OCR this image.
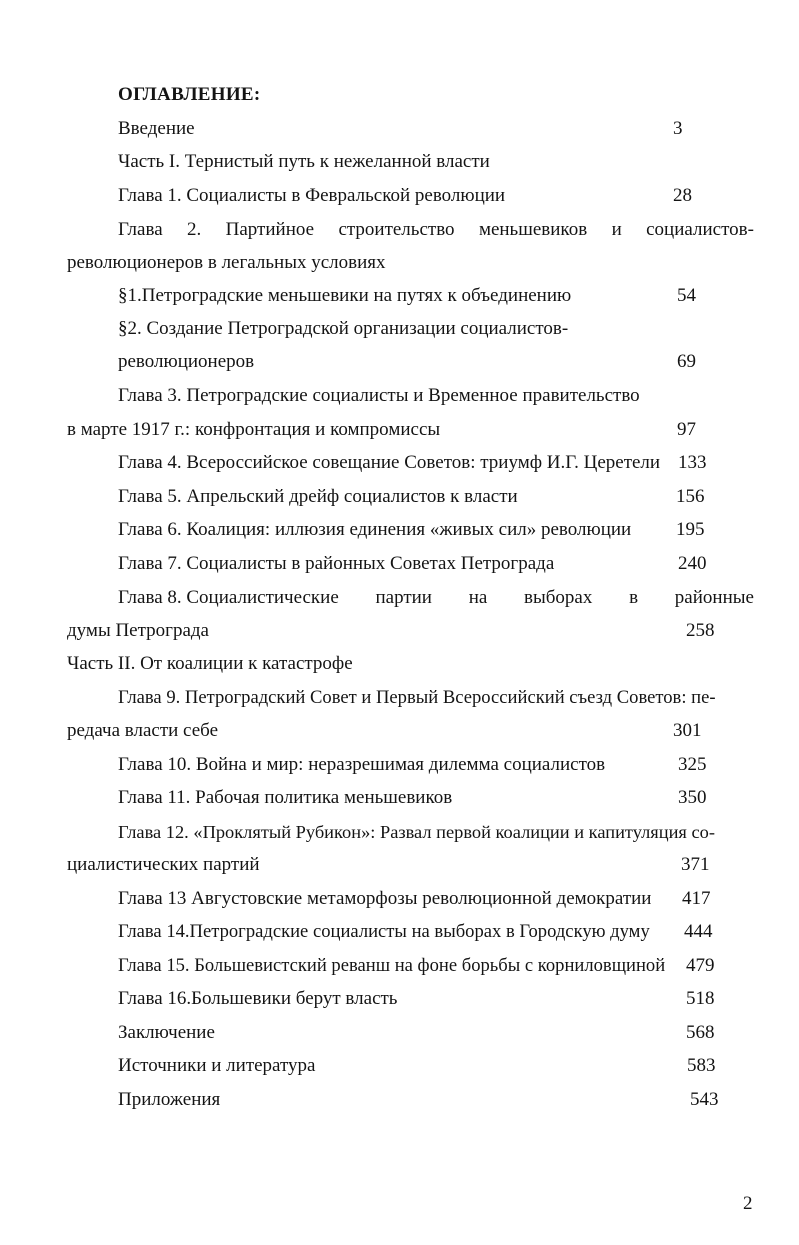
ОГЛАВЛЕНИЕ:
Введение	3
Часть I. Тернистый путь к нежеланной власти
Глава 1. Социалисты в Февральской революции	28
Глава 2. Партийное строительство меньшевиков и социалистов-
революционеров в легальных условиях
§1.Петроградские меньшевики на путях к объединению	54
§2. Создание Петроградской организации социалистов-
революционеров	69
Глава 3. Петроградские социалисты и Временное правительство
в марте 1917 г.: конфронтация и компромиссы	97
Глава 4. Всероссийское совещание Советов: триумф И.Г. Церетели 133
Глава 5. Апрельский дрейф социалистов к власти	156
Глава 6. Коалиция: иллюзия единения «живых сил» революции 195
Глава 7. Социалисты в районных Советах Петрограда	240
Глава 8. Социалистические партии на выборах в районные
думы Петрограда	258
Часть II. От коалиции к катастрофе
Глава 9. Петроградский Совет и Первый Всероссийский съезд Советов: пе-
редача власти себе	301
Глава 10. Война и мир: неразрешимая дилемма социалистов	325
Глава 11. Рабочая политика меньшевиков	350
Глава 12. «Проклятый Рубикон»: Развал первой коалиции и капитуляция со-
циалистических партий	371
Глава 13 Августовские метаморфозы революционной демократии 417
Глава 14.Петроградские социалисты на выборах в Городскую думу 444
Глава 15. Большевистский реванш на фоне борьбы с корниловщиной 479
Глава 16.Большевики берут власть	518
Заключение	568
Источники и литература	583
Приложения	543
2
